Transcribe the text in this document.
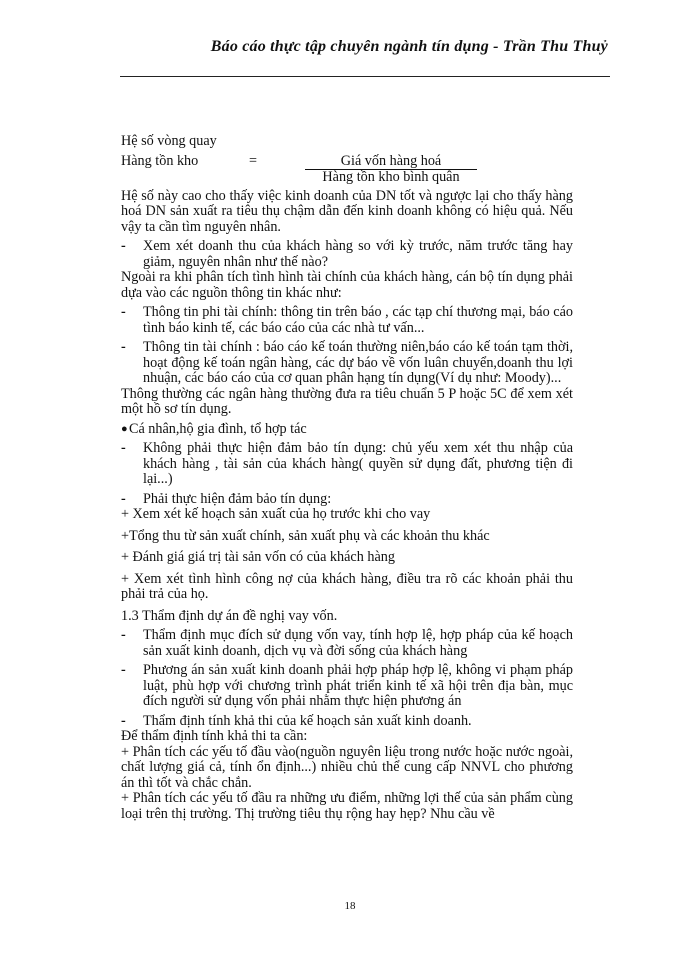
Báo cáo thực tập chuyên ngành tín dụng - Trần Thu Thuỷ

Hệ số vòng quay

Hàng tồn kho	=	$\frac{\text{Giá vốn hàng hoá}}{\text{Hàng tồn kho bình quân}}$

Hệ số này cao cho thấy việc kinh doanh của DN tốt và ngược lại cho thấy hàng hoá DN sản xuất ra tiêu thụ chậm dẫn đến kinh doanh không có hiệu quả. Nếu vậy ta cần tìm nguyên nhân.

-	Xem xét doanh thu của khách hàng so với kỳ trước, năm trước tăng hay giảm, nguyên nhân như thế nào?

Ngoài ra khi phân tích tình hình tài chính của khách hàng, cán bộ tín dụng phải dựa vào các nguồn thông tin khác như:

-	Thông tin phi tài chính: thông tin trên báo , các tạp chí thương mại, báo cáo tình báo kinh tế, các báo cáo của các nhà tư vấn...
-	Thông tin tài chính : báo cáo kế toán thường niên,báo cáo kế toán tạm thời, hoạt động kế toán ngân hàng, các dự báo về vốn luân chuyển,doanh thu lợi nhuận, các báo cáo của cơ quan phân hạng tín dụng(Ví dụ như: Moody)...

Thông thường các ngân hàng thường đưa ra tiêu chuẩn 5 P hoặc 5C để xem xét một hồ sơ tín dụng.

● Cá nhân,hộ gia đình, tổ hợp tác
-	Không phải thực hiện đảm bảo tín dụng: chủ yếu xem xét thu nhập của khách hàng , tài sản của khách hàng( quyền sử dụng đất, phương tiện đi lại...)
-	Phải thực hiện đảm bảo tín dụng:

+ Xem xét kế hoạch sản xuất của họ trước khi cho vay

+Tổng thu từ sản xuất chính, sản xuất phụ và các khoản thu khác

+ Đánh giá giá trị tài sản vốn có của khách hàng

+ Xem xét tình hình công nợ của khách hàng, điều tra rõ các khoản phải thu phải trả của họ.

1.3 Thẩm định dự án đề nghị vay vốn.

-	Thẩm định mục đích sử dụng vốn vay, tính hợp lệ, hợp pháp của kế hoạch sản xuất kinh doanh, dịch vụ và đời sống của khách hàng
-	Phương án sản xuất kinh doanh phải hợp pháp hợp lệ, không vi phạm pháp luật, phù hợp với chương trình phát triển kinh tế xã hội trên địa bàn, mục đích người sử dụng vốn phải nhằm thực hiện phương án
-	Thẩm định tính khả thi của kế hoạch sản xuất kinh doanh.

Để thẩm định tính khả thi ta cần:

+ Phân tích các yếu tố đầu vào(nguồn nguyên liệu trong nước hoặc nước ngoài, chất lượng giá cả, tính ổn định...) nhiều chủ thể cung cấp NNVL cho phương án thì tốt và chắc chắn.

+ Phân tích các yếu tố đầu ra những ưu điểm, những lợi thế của sản phẩm cùng loại trên thị trường. Thị trường tiêu thụ rộng hay hẹp? Nhu cầu về

18
